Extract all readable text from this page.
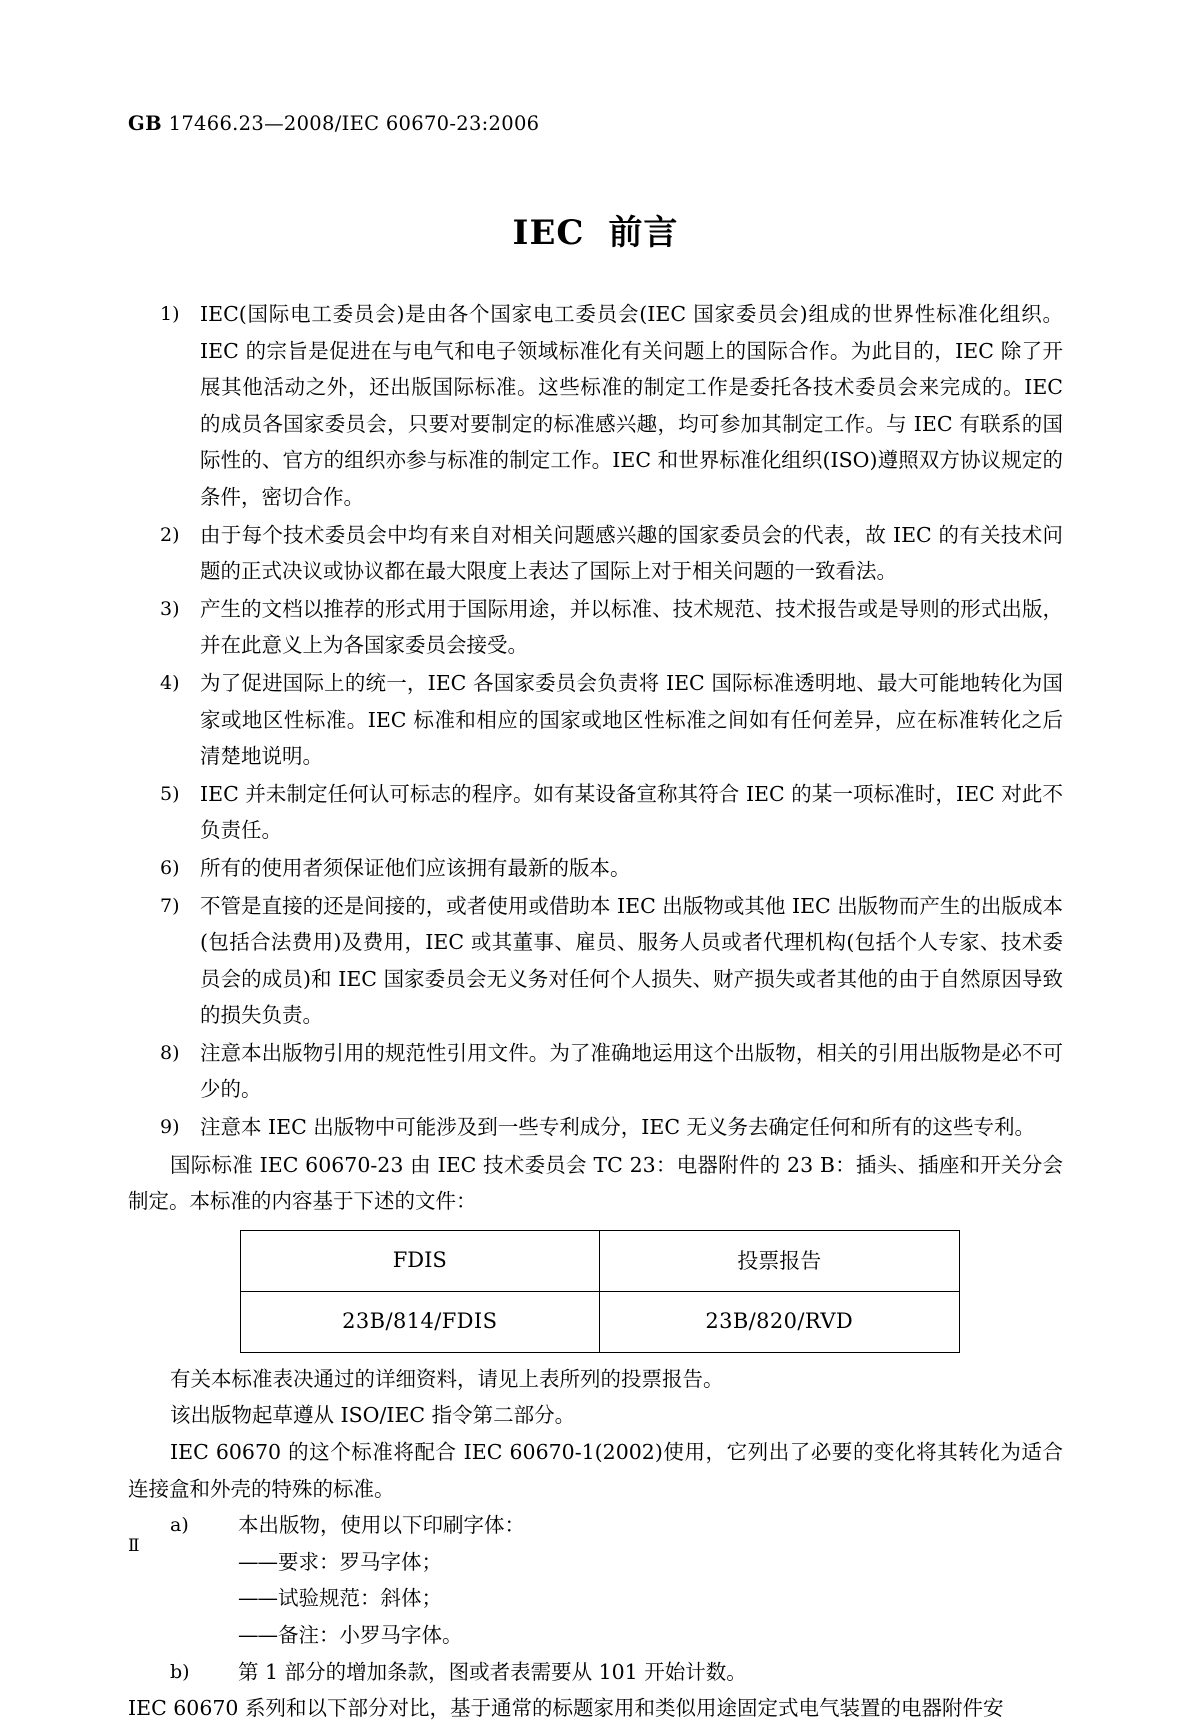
GB 17466.23—2008/IEC 60670-23:2006
IEC 前言
1) IEC(国际电工委员会)是由各个国家电工委员会(IEC 国家委员会)组成的世界性标准化组织。IEC 的宗旨是促进在与电气和电子领域标准化有关问题上的国际合作。为此目的，IEC 除了开展其他活动之外，还出版国际标准。这些标准的制定工作是委托各技术委员会来完成的。IEC 的成员各国家委员会，只要对要制定的标准感兴趣，均可参加其制定工作。与 IEC 有联系的国际性的、官方的组织亦参与标准的制定工作。IEC 和世界标准化组织(ISO)遵照双方协议规定的条件，密切合作。

2) 由于每个技术委员会中均有来自对相关问题感兴趣的国家委员会的代表，故 IEC 的有关技术问题的正式决议或协议都在最大限度上表达了国际上对于相关问题的一致看法。

3) 产生的文档以推荐的形式用于国际用途，并以标准、技术规范、技术报告或是导则的形式出版，并在此意义上为各国家委员会接受。

4) 为了促进国际上的统一，IEC 各国家委员会负责将 IEC 国际标准透明地、最大可能地转化为国家或地区性标准。IEC 标准和相应的国家或地区性标准之间如有任何差异，应在标准转化之后清楚地说明。

5) IEC 并未制定任何认可标志的程序。如有某设备宣称其符合 IEC 的某一项标准时，IEC 对此不负责任。

6) 所有的使用者须保证他们应该拥有最新的版本。

7) 不管是直接的还是间接的，或者使用或借助本 IEC 出版物或其他 IEC 出版物而产生的出版成本(包括合法费用)及费用，IEC 或其董事、雇员、服务人员或者代理机构(包括个人专家、技术委员会的成员)和 IEC 国家委员会无义务对任何个人损失、财产损失或者其他的由于自然原因导致的损失负责。

8) 注意本出版物引用的规范性引用文件。为了准确地运用这个出版物，相关的引用出版物是必不可少的。

9) 注意本 IEC 出版物中可能涉及到一些专利成分，IEC 无义务去确定任何和所有的这些专利。

国际标准 IEC 60670-23 由 IEC 技术委员会 TC 23：电器附件的 23 B：插头、插座和开关分会制定。本标准的内容基于下述的文件：

FDIS	投票报告
23B/814/FDIS	23B/820/RVD

有关本标准表决通过的详细资料，请见上表所列的投票报告。

该出版物起草遵从 ISO/IEC 指令第二部分。

IEC 60670 的这个标准将配合 IEC 60670-1(2002)使用，它列出了必要的变化将其转化为适合连接盒和外壳的特殊的标准。

a)	本出版物，使用以下印刷字体：
——要求：罗马字体；
——试验规范：斜体；
——备注：小罗马字体。
b)	第 1 部分的增加条款，图或者表需要从 101 开始计数。

IEC 60670 系列和以下部分对比，基于通常的标题家用和类似用途固定式电气装置的电器附件安

Ⅱ
